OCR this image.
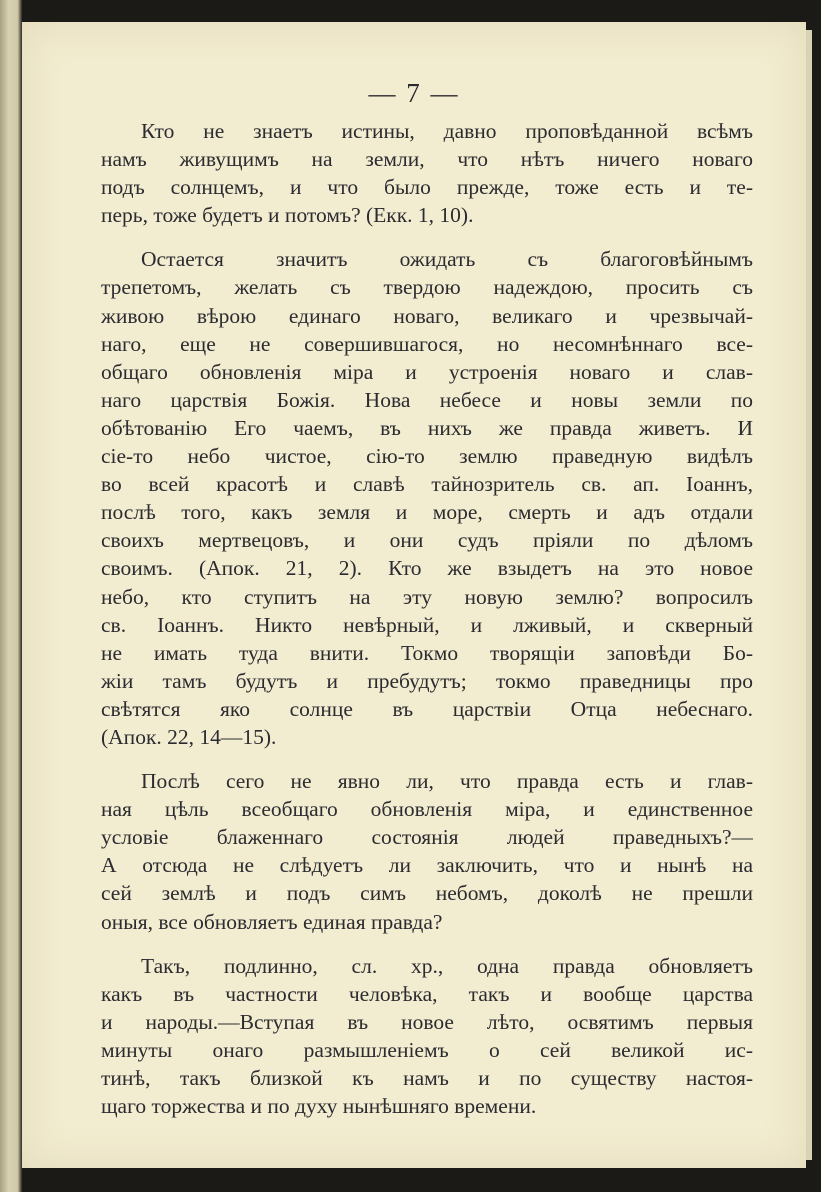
— 7 —
Кто не знаетъ истины, давно проповѣданной всѣмъ
намъ живущимъ на земли, что нѣтъ ничего новаго
подъ солнцемъ, и что было прежде, тоже есть и те-
перь, тоже будетъ и потомъ? (Екк. 1, 10).
Остается значитъ ожидать съ благоговѣйнымъ
трепетомъ, желать съ твердою надеждою, просить съ
живою вѣрою единаго новаго, великаго и чрезвычай-
наго, еще не совершившагося, но несомнѣннаго все-
общаго обновленія міра и устроенія новаго и слав-
наго царствія Божія. Нова небесе и новы земли по
обѣтованію Его чаемъ, въ нихъ же правда живетъ. И
сіе-то небо чистое, сію-то землю праведную видѣлъ
во всей красотѣ и славѣ тайнозритель св. ап. Іоаннъ,
послѣ того, какъ земля и море, смерть и адъ отдали
своихъ мертвецовъ, и они судъ пріяли по дѣломъ
своимъ. (Апок. 21, 2). Кто же взыдетъ на это новое
небо, кто ступитъ на эту новую землю? вопросилъ
св. Іоаннъ. Никто невѣрный, и лживый, и скверный
не имать туда внити. Токмо творящіи заповѣди Бо-
жіи тамъ будутъ и пребудутъ; токмо праведницы про
свѣтятся яко солнце въ царствіи Отца небеснаго.
(Апок. 22, 14—15).
Послѣ сего не явно ли, что правда есть и глав-
ная цѣль всеобщаго обновленія міра, и единственное
условіе блаженнаго состоянія людей праведныхъ?—
А отсюда не слѣдуетъ ли заключить, что и нынѣ на
сей землѣ и подъ симъ небомъ, доколѣ не прешли
оныя, все обновляетъ единая правда?
Такъ, подлинно, сл. хр., одна правда обновляетъ
какъ въ частности человѣка, такъ и вообще царства
и народы.—Вступая въ новое лѣто, освятимъ первыя
минуты онаго размышленіемъ о сей великой ис-
тинѣ, такъ близкой къ намъ и по существу настоя-
щаго торжества и по духу нынѣшняго времени.
